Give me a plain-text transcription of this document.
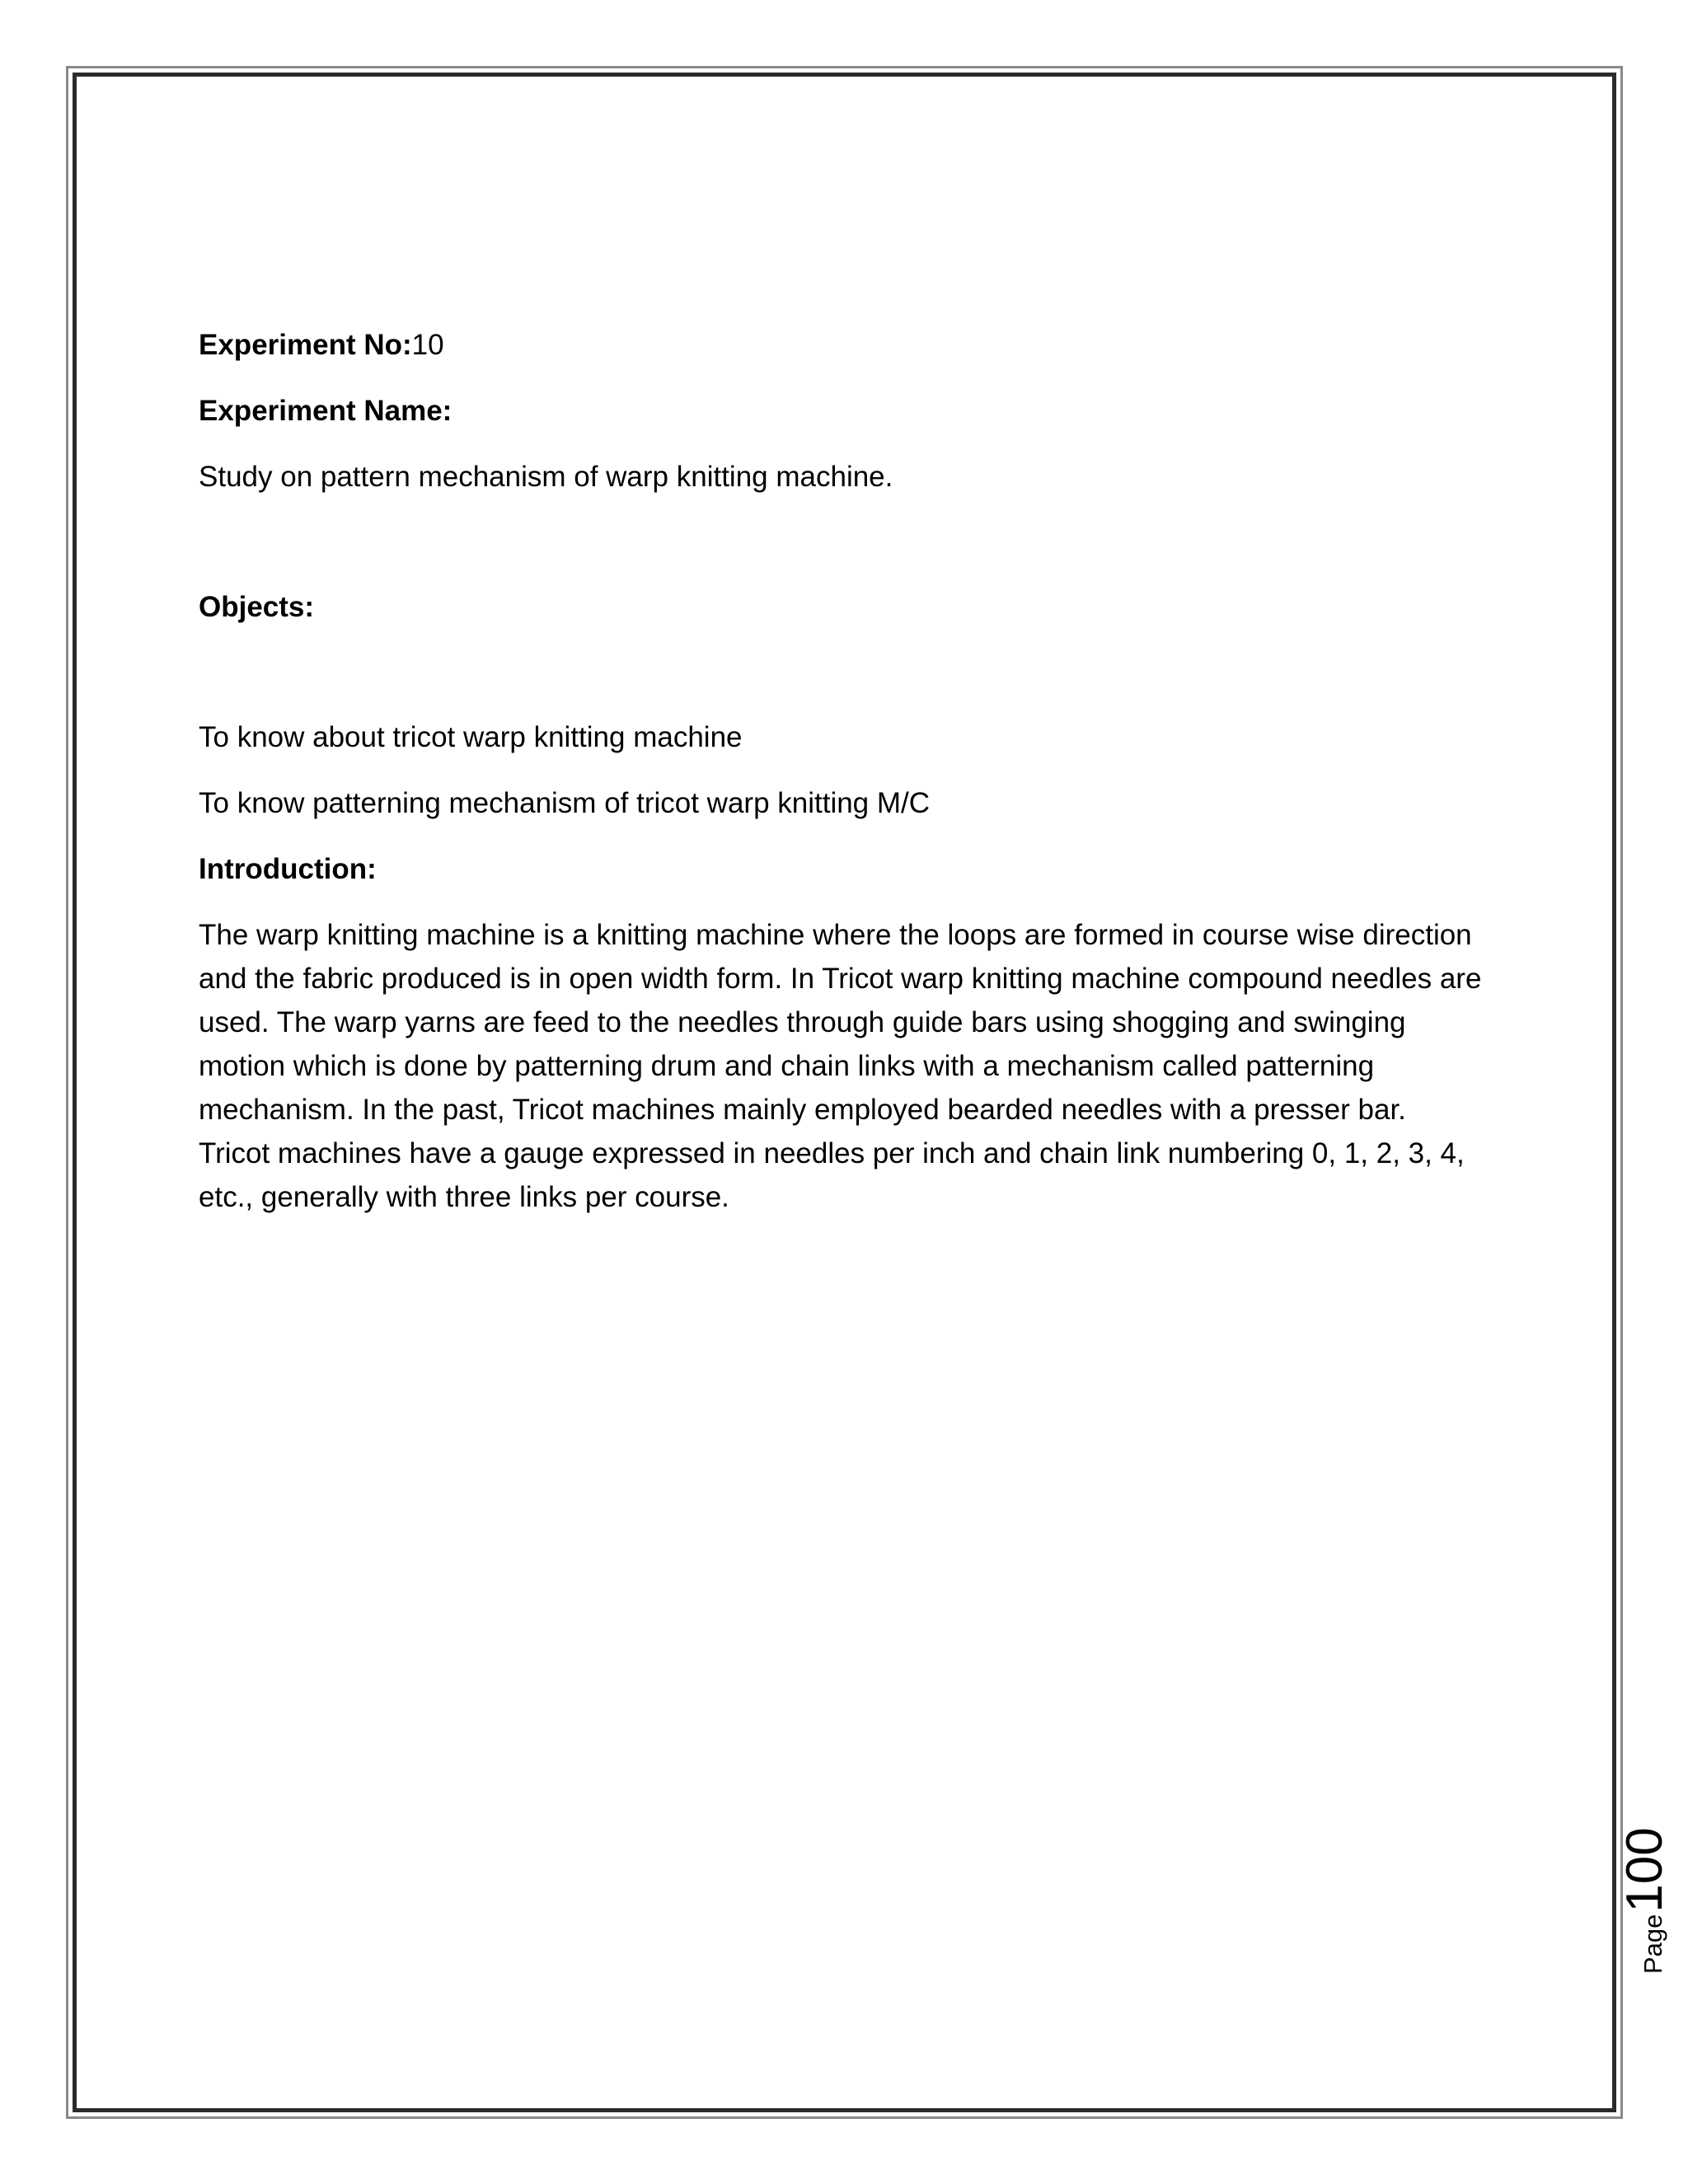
Experiment No:10

Experiment Name:

Study on pattern mechanism of warp knitting machine.

Objects:

To know about tricot warp knitting machine

To know patterning mechanism of tricot warp knitting M/C

Introduction:

The warp knitting machine is a knitting machine where the loops are formed in course wise direction and the fabric produced is in open width form. In Tricot warp knitting machine compound needles are used. The warp yarns are feed to the needles through guide bars using shogging and swinging motion which is done by patterning drum and chain links with a mechanism called patterning mechanism. In the past, Tricot machines mainly employed bearded needles with a presser bar. Tricot machines have a gauge expressed in needles per inch and chain link numbering 0, 1, 2, 3, 4, etc., generally with three links per course.

Page
100
